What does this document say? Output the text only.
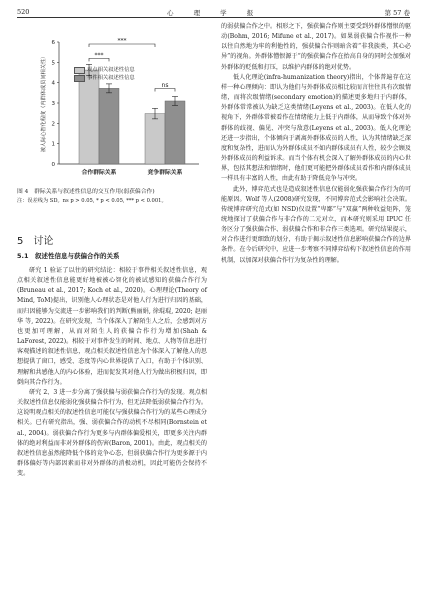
520	心 理 学 报	第 57 卷
0
1
2
3
4
5
6
被人际心智化程度（内群体成员间相关性）
合作群际关系	竞争群际关系
***
***
ns
观点相关叙述性信息
事件相关叙述性信息
图 4　群际关系与叙述性信息的交互作用(弱获偏合作)
注：误差线为 SD。ns p > 0.05, * p < 0.05, *** p < 0.001。
5　讨论
5.1　叙述性信息与获偏合作的关系

研究 1 验证了以往的研究结论：相较于事件相关叙述性信息，观点相关叙述性信息能更好地被被心智化的被试感知的获偏合作行为(Bruneau et al., 2017; Koch et al., 2020)。心理理论(Theory of Mind, ToM)提出，识别他人心理状态是对他人行为进行归因的基础，而归因能够为交流进一步影响我们的判断(熊丽娟, 徐琨琨, 2020; 赵丽华 等, 2022)。在研究发现，当个体深入了解陌生人之后，会感到对方也更加可理解，从而对陌生人的获偏合作行为增加(Shah & LaForest, 2022)。相较于对事件发生的时间、地点、人物等信息进行客观描述的叙述性信息，观点相关叙述性信息为个体深入了解他人的思想提供了窗口，感受、态度等内心世界提供了入口，有助于个体识别、理解和共感他人的内心体验，进而促发其对他人行为做出积极归因，即倒向其合作行为。

研究 2、3 进一步分离了强获偏与弱获偏合作行为的发现。观点相关叙述性信息仅能弱化强获偏合作行为，但无法降低弱获偏合作行为。这说明观点相关的叙述性信息可能仅与强获偏合作行为的某些心理成分相关。已有研究指出，强、弱获偏合作的动机不尽相同(Bornstein et al., 2004)。弱获偏合作行为更多与内群体偏爱相关，即更多关注内群体的绝对利益而非对外群体的伤害(Baron, 2001)。由此，观点相关的叙述性信息虽然能降低个体的竞争心态，但弱获偏合作行为更多源于内群体偏好等内部因素而非对外群体的消极动机，因此可能仍会保持不变。

的弱获偏合作之中。相形之下，强获偏合作则主要受到外群体憎恨的驱动(Bohm, 2016; Mifune et al., 2017)。如果弱获偏合作视作一种以往自然地为牢的利他性的，强获偏合作则暗含着“非我族类，其心必异”的视角。外群体憎恨源于“的强获偏合作在抬高自身的同时会加强对外群体的贬低和打压，以维护内群体的绝对优势。

低人化理论(infra-humanization theory)指出，个体普遍存在这样一种心理倾向：即认为他们与外群体成员相比较而言往往具有次级情绪，而将次级情绪(secondary emotion)的描述更多地归于内群体，外群体常常被认为缺乏这类情绪(Leyens et al., 2003)。在低人化的视角下，外群体常被看作在情绪能力上低于内群体，从而导致个体对外群体的歧视、偏见、冲突与敌意(Leyens et al., 2003)。低人化理论还进一步指出，个体倾向于剥离外群体成员的人性，认为其情绪缺乏深度和复杂性，进而认为外群体成员不如内群体成员有人性，较少会顾及外群体成员的利益诉求。而当个体有机会深入了解外群体成员的内心世界，包括其想法和情绪时，他们更可能把外群体成员看作和内群体成员一样具有丰富的人性，由此有助于降低竞争与冲突。

此外，博弈范式也是造成叙述性信息仅能弱化强获偏合作行为的可能原因。Wolf 等人(2008)研究发现，不同博弈范式会影响社会决策。传统博弈研究范式(如 NSD)仅设置“卑鄙”与“双赢”两种收益矩阵，笼统地探讨了获偏合作与非合作的二元对立，而本研究则采用 IPUC 任务区分了强获偏合作、弱获偏合作和非合作三类选项。研究结果提示，对合作进行更细致的划分，有助于揭示叙述性信息影响获偏合作的边界条件。在今后研究中，应进一步考察不同博弈结构下叙述性信息的作用机制，以加深对获偏合作行为复杂性的理解。
